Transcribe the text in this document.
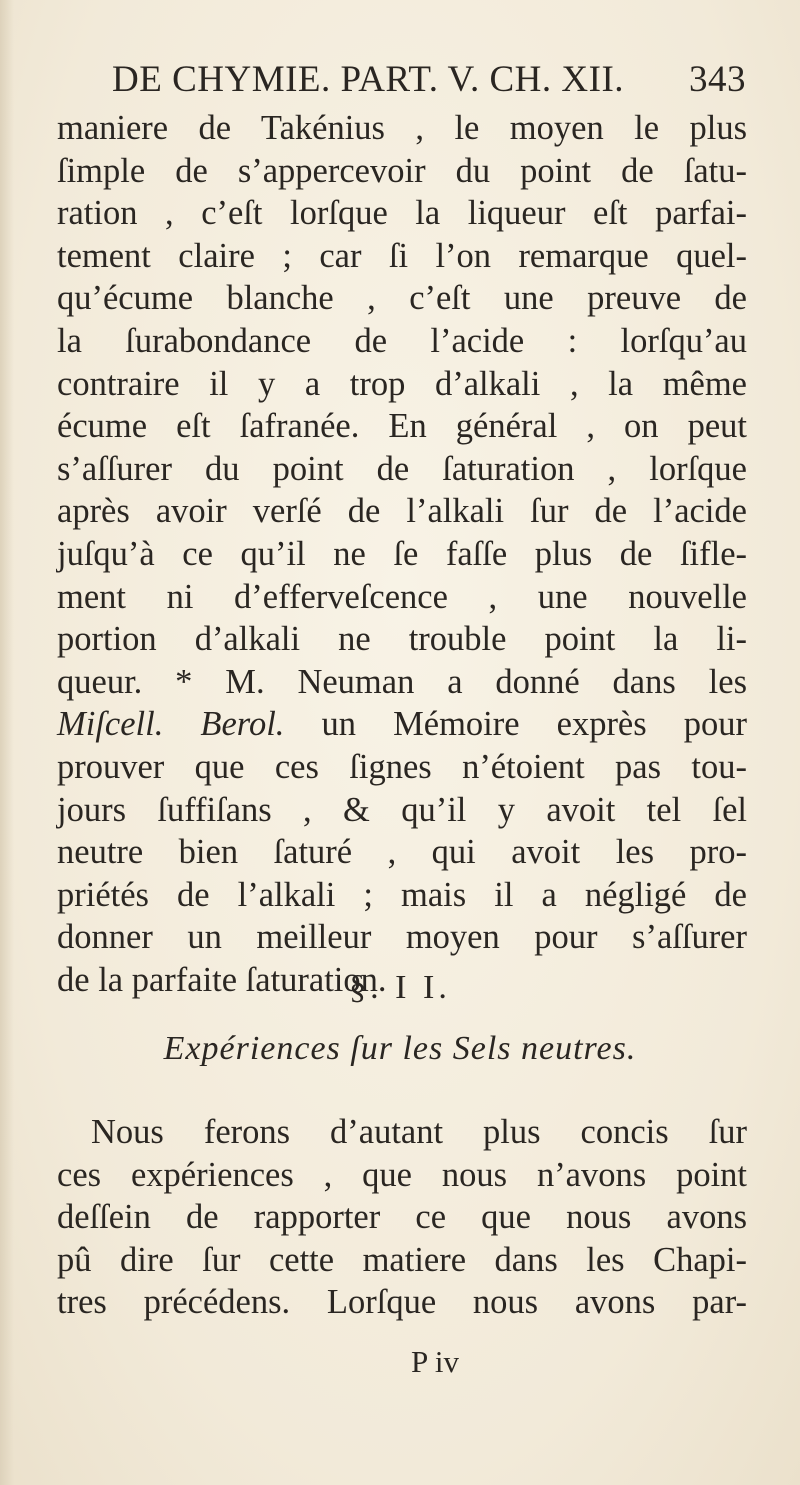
DE CHYMIE. PART. V. CH. XII. 343
maniere de Takénius , le moyen le plus
ſimple de s’appercevoir du point de ſatu-
ration , c’eſt lorſque la liqueur eſt parfai-
tement claire ; car ſi l’on remarque quel-
qu’écume blanche , c’eſt une preuve de
la ſurabondance de l’acide : lorſqu’au
contraire il y a trop d’alkali , la même
écume eſt ſafranée. En général , on peut
s’aſſurer du point de ſaturation , lorſque
après avoir verſé de l’alkali ſur de l’acide
juſqu’à ce qu’il ne ſe faſſe plus de ſifle-
ment ni d’efferveſcence , une nouvelle
portion d’alkali ne trouble point la li-
queur. * M. Neuman a donné dans les
Miſcell. Berol. un Mémoire exprès pour
prouver que ces ſignes n’étoient pas tou-
jours ſuffiſans , & qu’il y avoit tel ſel
neutre bien ſaturé , qui avoit les pro-
priétés de l’alkali ; mais il a négligé de
donner un meilleur moyen pour s’aſſurer
de la parfaite ſaturation.
§. I I.
Expériences ſur les Sels neutres.
Nous ferons d’autant plus concis ſur
ces expériences , que nous n’avons point
deſſein de rapporter ce que nous avons
pû dire ſur cette matiere dans les Chapi-
tres précédens. Lorſque nous avons par-
P iv
